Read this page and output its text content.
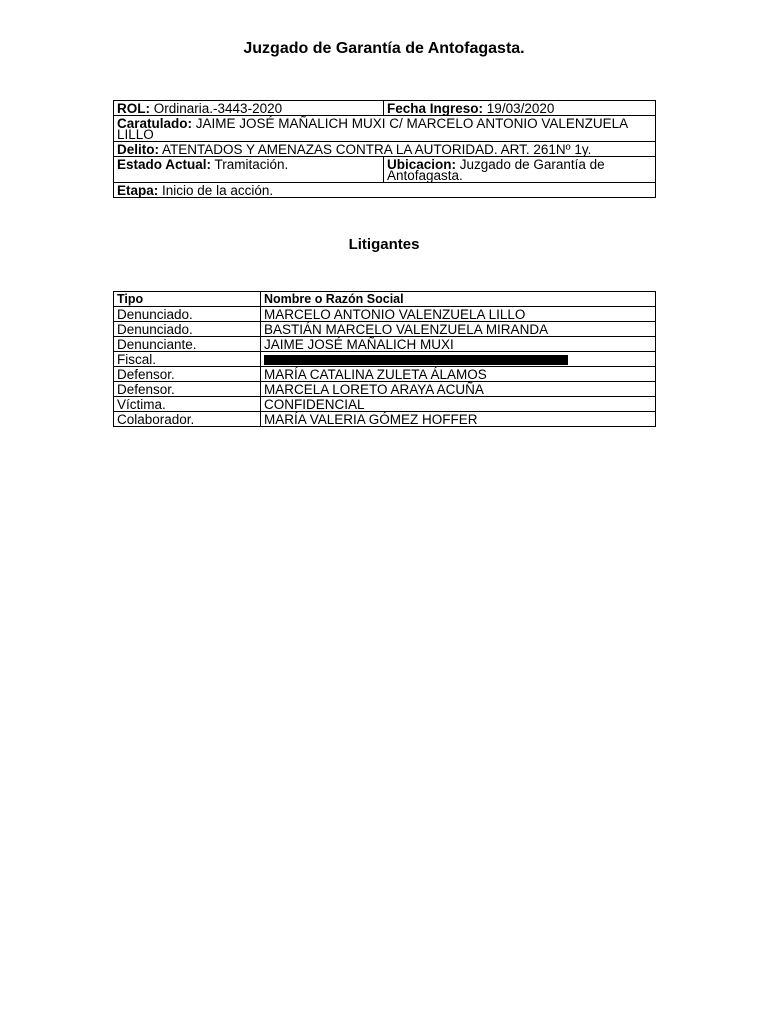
Juzgado de Garantía de Antofagasta.
ROL: Ordinaria.-3443-2020	Fecha Ingreso: 19/03/2020
Caratulado: JAIME JOSÉ MAÑALICH MUXI C/ MARCELO ANTONIO VALENZUELA LILLO	
Delito: ATENTADOS Y AMENAZAS CONTRA LA AUTORIDAD. ART. 261Nº 1y.	
Estado Actual: Tramitación.	Ubicacion: Juzgado de Garantía de Antofagasta.
Etapa: Inicio de la acción.	
Litigantes
Tipo	Nombre o Razón Social
Denunciado.	MARCELO ANTONIO VALENZUELA LILLO
Denunciado.	BASTIÁN MARCELO VALENZUELA MIRANDA
Denunciante.	JAIME JOSÉ MAÑALICH MUXI
Fiscal.	
Defensor.	MARÍA CATALINA ZULETA ÁLAMOS
Defensor.	MARCELA LORETO ARAYA ACUÑA
Víctima.	CONFIDENCIAL
Colaborador.	MARÍA VALERIA GÓMEZ HOFFER
